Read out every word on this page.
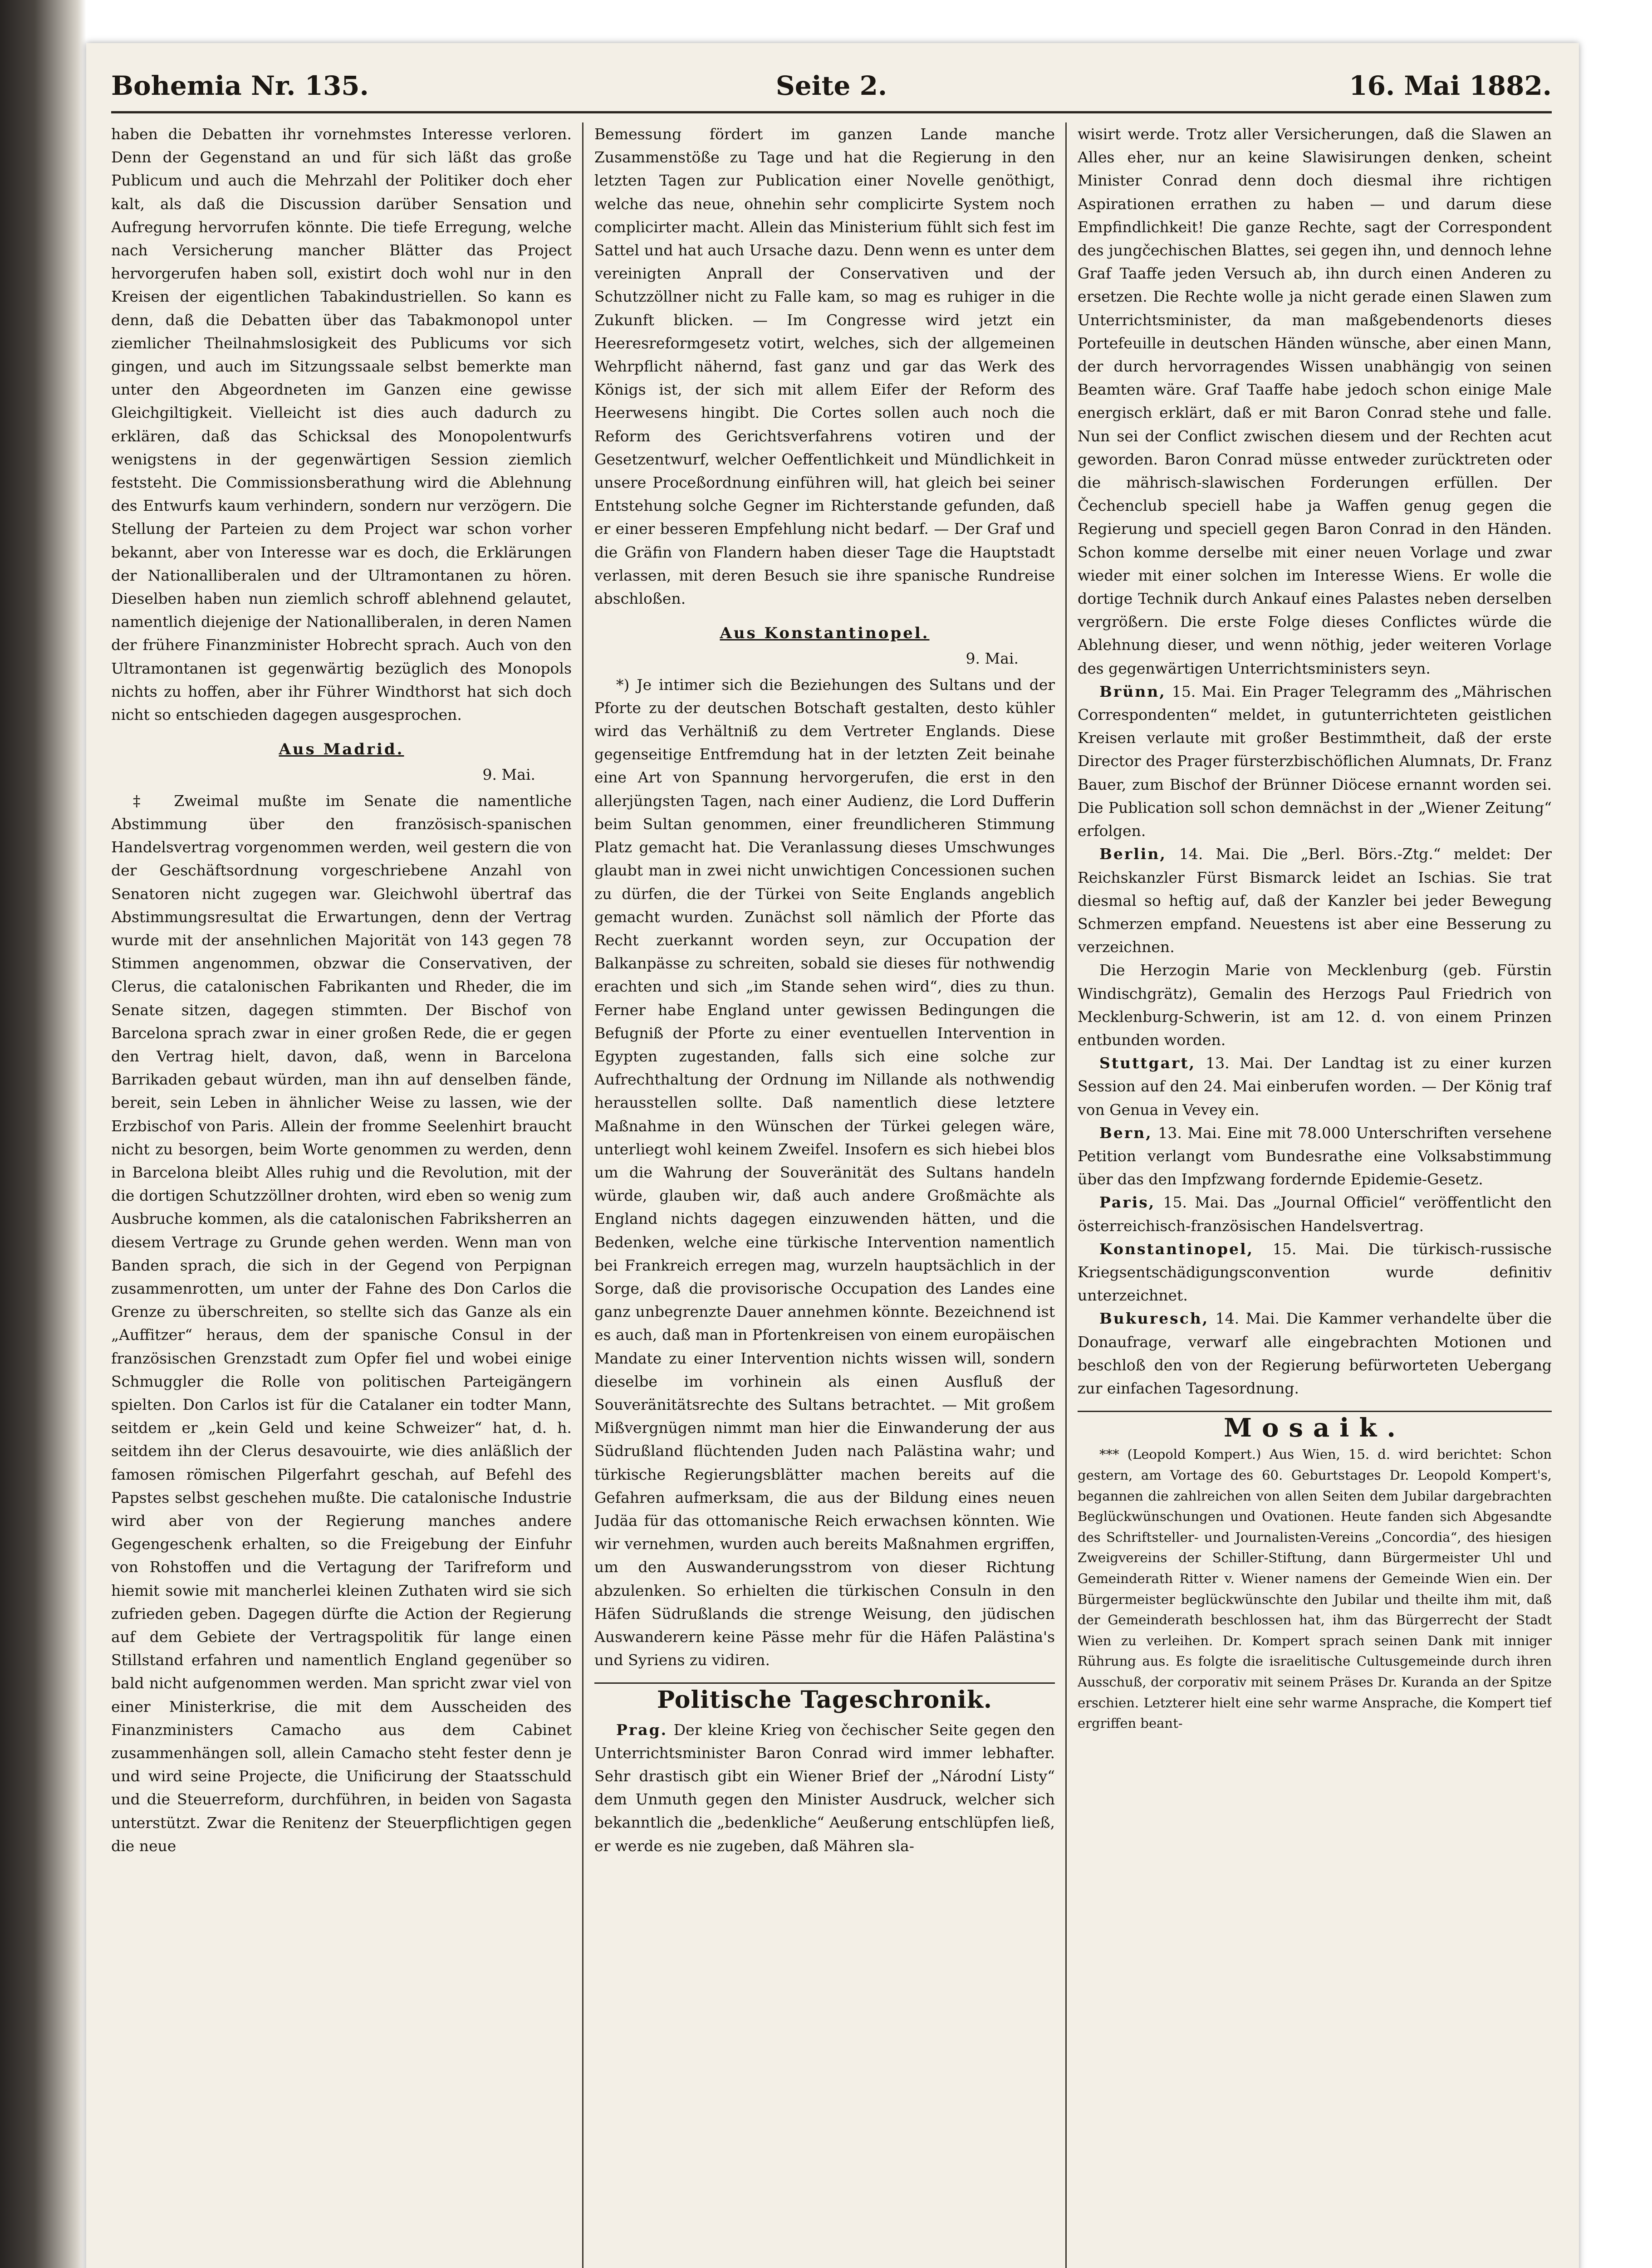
Bohemia Nr. 135.	Seite 2.	16. Mai 1882.

haben die Debatten ihr vornehmstes Interesse verloren. Denn der Gegenstand an und für sich läßt das große Publicum und auch die Mehrzahl der Politiker doch eher kalt, als daß die Discussion darüber Sensation und Aufregung hervorrufen könnte. Die tiefe Erregung, welche nach Versicherung mancher Blätter das Project hervorgerufen haben soll, existirt doch wohl nur in den Kreisen der eigentlichen Tabakindustriellen. So kann es denn, daß die Debatten über das Tabakmonopol unter ziemlicher Theilnahmslosigkeit des Publicums vor sich gingen, und auch im Sitzungssaale selbst bemerkte man unter den Abgeordneten im Ganzen eine gewisse Gleichgiltigkeit. Vielleicht ist dies auch dadurch zu erklären, daß das Schicksal des Monopolentwurfs wenigstens in der gegenwärtigen Session ziemlich feststeht. Die Commissionsberathung wird die Ablehnung des Entwurfs kaum verhindern, sondern nur verzögern. Die Stellung der Parteien zu dem Project war schon vorher bekannt, aber von Interesse war es doch, die Erklärungen der Nationalliberalen und der Ultramontanen zu hören. Dieselben haben nun ziemlich schroff ablehnend gelautet, namentlich diejenige der Nationalliberalen, in deren Namen der frühere Finanzminister Hobrecht sprach. Auch von den Ultramontanen ist gegenwärtig bezüglich des Monopols nichts zu hoffen, aber ihr Führer Windthorst hat sich doch nicht so entschieden dagegen ausgesprochen.

Aus Madrid.
9. Mai.

‡ Zweimal mußte im Senate die namentliche Abstimmung über den französisch-spanischen Handelsvertrag vorgenommen werden, weil gestern die von der Geschäftsordnung vorgeschriebene Anzahl von Senatoren nicht zugegen war. Gleichwohl übertraf das Abstimmungsresultat die Erwartungen, denn der Vertrag wurde mit der ansehnlichen Majorität von 143 gegen 78 Stimmen angenommen, obzwar die Conservativen, der Clerus, die catalonischen Fabrikanten und Rheder, die im Senate sitzen, dagegen stimmten. Der Bischof von Barcelona sprach zwar in einer großen Rede, die er gegen den Vertrag hielt, davon, daß, wenn in Barcelona Barrikaden gebaut würden, man ihn auf denselben fände, bereit, sein Leben in ähnlicher Weise zu lassen, wie der Erzbischof von Paris. Allein der fromme Seelenhirt braucht nicht zu besorgen, beim Worte genommen zu werden, denn in Barcelona bleibt Alles ruhig und die Revolution, mit der die dortigen Schutzzöllner drohten, wird eben so wenig zum Ausbruche kommen, als die catalonischen Fabriksherren an diesem Vertrage zu Grunde gehen werden. Wenn man von Banden sprach, die sich in der Gegend von Perpignan zusammenrotten, um unter der Fahne des Don Carlos die Grenze zu überschreiten, so stellte sich das Ganze als ein „Auffitzer“ heraus, dem der spanische Consul in der französischen Grenzstadt zum Opfer fiel und wobei einige Schmuggler die Rolle von politischen Parteigängern spielten. Don Carlos ist für die Catalaner ein todter Mann, seitdem er „kein Geld und keine Schweizer“ hat, d. h. seitdem ihn der Clerus desavouirte, wie dies anläßlich der famosen römischen Pilgerfahrt geschah, auf Befehl des Papstes selbst geschehen mußte. Die catalonische Industrie wird aber von der Regierung manches andere Gegengeschenk erhalten, so die Freigebung der Einfuhr von Rohstoffen und die Vertagung der Tarifreform und hiemit sowie mit mancherlei kleinen Zuthaten wird sie sich zufrieden geben. Dagegen dürfte die Action der Regierung auf dem Gebiete der Vertragspolitik für lange einen Stillstand erfahren und namentlich England gegenüber so bald nicht aufgenommen werden. Man spricht zwar viel von einer Ministerkrise, die mit dem Ausscheiden des Finanzministers Camacho aus dem Cabinet zusammenhängen soll, allein Camacho steht fester denn je und wird seine Projecte, die Unificirung der Staatsschuld und die Steuerreform, durchführen, in beiden von Sagasta unterstützt. Zwar die Renitenz der Steuerpflichtigen gegen die neue

Bemessung fördert im ganzen Lande manche Zusammenstöße zu Tage und hat die Regierung in den letzten Tagen zur Publication einer Novelle genöthigt, welche das neue, ohnehin sehr complicirte System noch complicirter macht. Allein das Ministerium fühlt sich fest im Sattel und hat auch Ursache dazu. Denn wenn es unter dem vereinigten Anprall der Conservativen und der Schutzzöllner nicht zu Falle kam, so mag es ruhiger in die Zukunft blicken. — Im Congresse wird jetzt ein Heeresreformgesetz votirt, welches, sich der allgemeinen Wehrpflicht nähernd, fast ganz und gar das Werk des Königs ist, der sich mit allem Eifer der Reform des Heerwesens hingibt. Die Cortes sollen auch noch die Reform des Gerichtsverfahrens votiren und der Gesetzentwurf, welcher Oeffentlichkeit und Mündlichkeit in unsere Proceßordnung einführen will, hat gleich bei seiner Entstehung solche Gegner im Richterstande gefunden, daß er einer besseren Empfehlung nicht bedarf. — Der Graf und die Gräfin von Flandern haben dieser Tage die Hauptstadt verlassen, mit deren Besuch sie ihre spanische Rundreise abschloßen.

Aus Konstantinopel.
9. Mai.

*) Je intimer sich die Beziehungen des Sultans und der Pforte zu der deutschen Botschaft gestalten, desto kühler wird das Verhältniß zu dem Vertreter Englands. Diese gegenseitige Entfremdung hat in der letzten Zeit beinahe eine Art von Spannung hervorgerufen, die erst in den allerjüngsten Tagen, nach einer Audienz, die Lord Dufferin beim Sultan genommen, einer freundlicheren Stimmung Platz gemacht hat. Die Veranlassung dieses Umschwunges glaubt man in zwei nicht unwichtigen Concessionen suchen zu dürfen, die der Türkei von Seite Englands angeblich gemacht wurden. Zunächst soll nämlich der Pforte das Recht zuerkannt worden seyn, zur Occupation der Balkanpässe zu schreiten, sobald sie dieses für nothwendig erachten und sich „im Stande sehen wird“, dies zu thun. Ferner habe England unter gewissen Bedingungen die Befugniß der Pforte zu einer eventuellen Intervention in Egypten zugestanden, falls sich eine solche zur Aufrechthaltung der Ordnung im Nillande als nothwendig herausstellen sollte. Daß namentlich diese letztere Maßnahme in den Wünschen der Türkei gelegen wäre, unterliegt wohl keinem Zweifel. Insofern es sich hiebei blos um die Wahrung der Souveränität des Sultans handeln würde, glauben wir, daß auch andere Großmächte als England nichts dagegen einzuwenden hätten, und die Bedenken, welche eine türkische Intervention namentlich bei Frankreich erregen mag, wurzeln hauptsächlich in der Sorge, daß die provisorische Occupation des Landes eine ganz unbegrenzte Dauer annehmen könnte. Bezeichnend ist es auch, daß man in Pfortenkreisen von einem europäischen Mandate zu einer Intervention nichts wissen will, sondern dieselbe im vorhinein als einen Ausfluß der Souveränitätsrechte des Sultans betrachtet. — Mit großem Mißvergnügen nimmt man hier die Einwanderung der aus Südrußland flüchtenden Juden nach Palästina wahr; und türkische Regierungsblätter machen bereits auf die Gefahren aufmerksam, die aus der Bildung eines neuen Judäa für das ottomanische Reich erwachsen könnten. Wie wir vernehmen, wurden auch bereits Maßnahmen ergriffen, um den Auswanderungsstrom von dieser Richtung abzulenken. So erhielten die türkischen Consuln in den Häfen Südrußlands die strenge Weisung, den jüdischen Auswanderern keine Pässe mehr für die Häfen Palästina's und Syriens zu vidiren.

Politische Tageschronik.

Prag. Der kleine Krieg von čechischer Seite gegen den Unterrichtsminister Baron Conrad wird immer lebhafter. Sehr drastisch gibt ein Wiener Brief der „Národní Listy“ dem Unmuth gegen den Minister Ausdruck, welcher sich bekanntlich die „bedenkliche“ Aeußerung entschlüpfen ließ, er werde es nie zugeben, daß Mähren sla-

wisirt werde. Trotz aller Versicherungen, daß die Slawen an Alles eher, nur an keine Slawisirungen denken, scheint Minister Conrad denn doch diesmal ihre richtigen Aspirationen errathen zu haben — und darum diese Empfindlichkeit! Die ganze Rechte, sagt der Correspondent des jungčechischen Blattes, sei gegen ihn, und dennoch lehne Graf Taaffe jeden Versuch ab, ihn durch einen Anderen zu ersetzen. Die Rechte wolle ja nicht gerade einen Slawen zum Unterrichtsminister, da man maßgebendenorts dieses Portefeuille in deutschen Händen wünsche, aber einen Mann, der durch hervorragendes Wissen unabhängig von seinen Beamten wäre. Graf Taaffe habe jedoch schon einige Male energisch erklärt, daß er mit Baron Conrad stehe und falle. Nun sei der Conflict zwischen diesem und der Rechten acut geworden. Baron Conrad müsse entweder zurücktreten oder die mährisch-slawischen Forderungen erfüllen. Der Čechenclub speciell habe ja Waffen genug gegen die Regierung und speciell gegen Baron Conrad in den Händen. Schon komme derselbe mit einer neuen Vorlage und zwar wieder mit einer solchen im Interesse Wiens. Er wolle die dortige Technik durch Ankauf eines Palastes neben derselben vergrößern. Die erste Folge dieses Conflictes würde die Ablehnung dieser, und wenn nöthig, jeder weiteren Vorlage des gegenwärtigen Unterrichtsministers seyn.

Brünn, 15. Mai. Ein Prager Telegramm des „Mährischen Correspondenten“ meldet, in gutunterrichteten geistlichen Kreisen verlaute mit großer Bestimmtheit, daß der erste Director des Prager fürsterzbischöflichen Alumnats, Dr. Franz Bauer, zum Bischof der Brünner Diöcese ernannt worden sei. Die Publication soll schon demnächst in der „Wiener Zeitung“ erfolgen.

Berlin, 14. Mai. Die „Berl. Börs.-Ztg.“ meldet: Der Reichskanzler Fürst Bismarck leidet an Ischias. Sie trat diesmal so heftig auf, daß der Kanzler bei jeder Bewegung Schmerzen empfand. Neuestens ist aber eine Besserung zu verzeichnen.

Die Herzogin Marie von Mecklenburg (geb. Fürstin Windischgrätz), Gemalin des Herzogs Paul Friedrich von Mecklenburg-Schwerin, ist am 12. d. von einem Prinzen entbunden worden.

Stuttgart, 13. Mai. Der Landtag ist zu einer kurzen Session auf den 24. Mai einberufen worden. — Der König traf von Genua in Vevey ein.

Bern, 13. Mai. Eine mit 78.000 Unterschriften versehene Petition verlangt vom Bundesrathe eine Volksabstimmung über das den Impfzwang fordernde Epidemie-Gesetz.

Paris, 15. Mai. Das „Journal Officiel“ veröffentlicht den österreichisch-französischen Handelsvertrag.

Konstantinopel, 15. Mai. Die türkisch-russische Kriegsentschädigungsconvention wurde definitiv unterzeichnet.

Bukuresch, 14. Mai. Die Kammer verhandelte über die Donaufrage, verwarf alle eingebrachten Motionen und beschloß den von der Regierung befürworteten Uebergang zur einfachen Tagesordnung.

Mosaik.

*** (Leopold Kompert.) Aus Wien, 15. d. wird berichtet: Schon gestern, am Vortage des 60. Geburtstages Dr. Leopold Kompert's, begannen die zahlreichen von allen Seiten dem Jubilar dargebrachten Beglückwünschungen und Ovationen. Heute fanden sich Abgesandte des Schriftsteller- und Journalisten-Vereins „Concordia“, des hiesigen Zweigvereins der Schiller-Stiftung, dann Bürgermeister Uhl und Gemeinderath Ritter v. Wiener namens der Gemeinde Wien ein. Der Bürgermeister beglückwünschte den Jubilar und theilte ihm mit, daß der Gemeinderath beschlossen hat, ihm das Bürgerrecht der Stadt Wien zu verleihen. Dr. Kompert sprach seinen Dank mit inniger Rührung aus. Es folgte die israelitische Cultusgemeinde durch ihren Ausschuß, der corporativ mit seinem Präses Dr. Kuranda an der Spitze erschien. Letzterer hielt eine sehr warme Ansprache, die Kompert tief ergriffen beant-
